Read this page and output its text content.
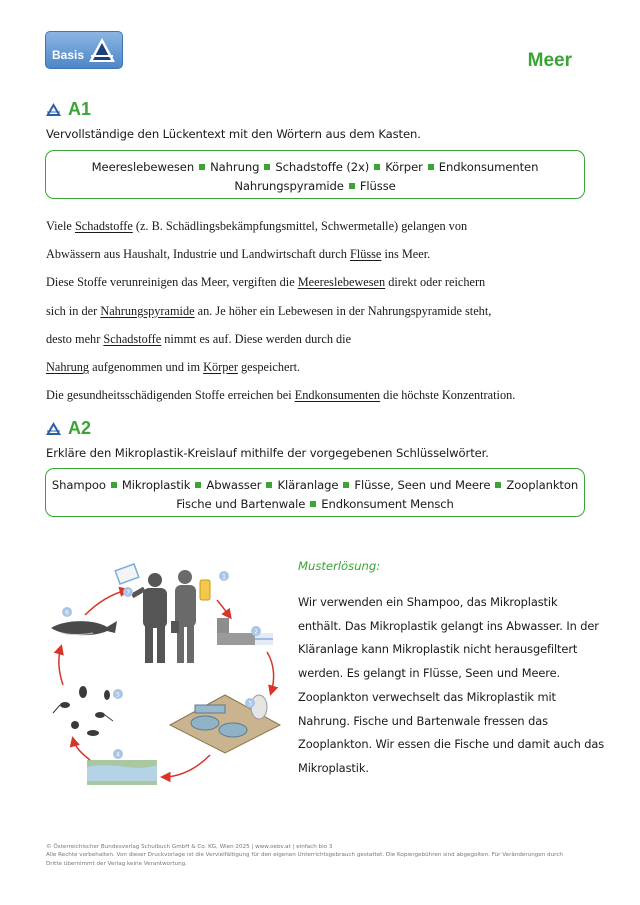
Basis	Meer
A1
Vervollständige den Lückentext mit den Wörtern aus dem Kasten.
Meereslebewesen Nahrung Schadstoffe (2x) Körper Endkonsumenten
Nahrungspyramide Flüsse

Viele Schadstoffe (z. B. Schädlingsbekämpfungsmittel, Schwermetalle) gelangen von

Abwässern aus Haushalt, Industrie und Landwirtschaft durch Flüsse ins Meer.

Diese Stoffe verunreinigen das Meer, vergiften die Meereslebewesen direkt oder reichern

sich in der Nahrungspyramide an. Je höher ein Lebewesen in der Nahrungspyramide steht,

desto mehr Schadstoffe nimmt es auf. Diese werden durch die

Nahrung aufgenommen und im Körper gespeichert.

Die gesundheitsschädigenden Stoffe erreichen bei Endkonsumenten die höchste Konzentration.

A2
Erkläre den Mikroplastik-Kreislauf mithilfe der vorgegebenen Schlüsselwörter.
Shampoo Mikroplastik Abwasser Kläranlage Flüsse, Seen und Meere Zooplankton
Fische und Bartenwale Endkonsument Mensch
1
2
3
4
5
6
7
Musterlösung:
Wir verwenden ein Shampoo, das Mikroplastik
enthält. Das Mikroplastik gelangt ins Abwasser. In der
Kläranlage kann Mikroplastik nicht herausgefiltert
werden. Es gelangt in Flüsse, Seen und Meere.
Zooplankton verwechselt das Mikroplastik mit
Nahrung. Fische und Bartenwale fressen das
Zooplankton. Wir essen die Fische und damit auch das
Mikroplastik.
© Österreichischer Bundesverlag Schulbuch GmbH & Co. KG, Wien 2025 | www.oebv.at | einfach bio 3
Alle Rechte vorbehalten. Von dieser Druckvorlage ist die Vervielfältigung für den eigenen Unterrichtsgebrauch gestattet. Die Kopiergebühren sind abgegolten. Für Veränderungen durch
Dritte übernimmt der Verlag keine Verantwortung.
